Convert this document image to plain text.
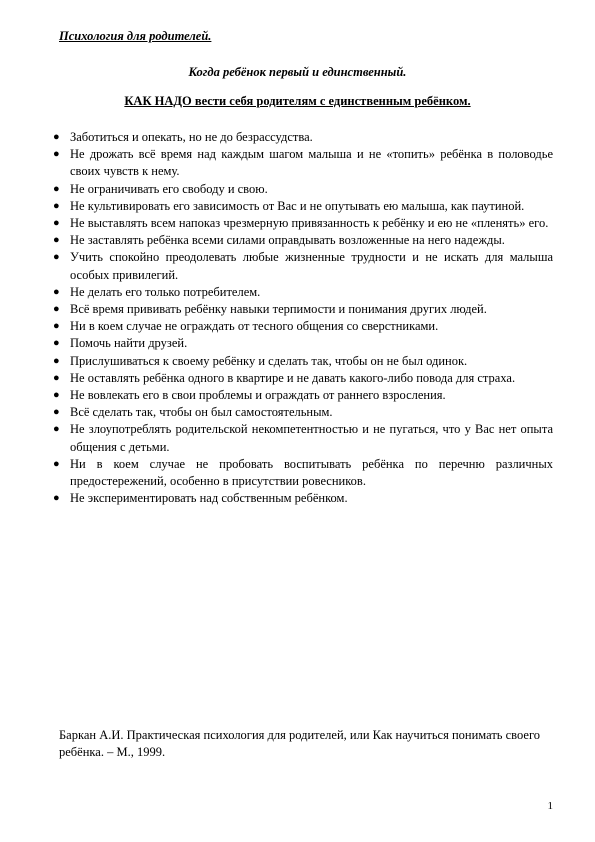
Психология для родителей.
Когда ребёнок первый и единственный.
КАК НАДО вести себя родителям с единственным ребёнком.
● Заботиться и опекать, но не до безрассудства.
● Не дрожать всё время над каждым шагом малыша и не «топить» ребёнка в половодье своих чувств к нему.
● Не ограничивать его свободу и свою.
● Не культивировать его зависимость от Вас и не опутывать ею малыша, как паутиной.
● Не выставлять всем напоказ чрезмерную привязанность к ребёнку и ею не «пленять» его.
● Не заставлять ребёнка всеми силами оправдывать возложенные на него надежды.
● Учить спокойно преодолевать любые жизненные трудности и не искать для малыша особых привилегий.
● Не делать его только потребителем.
● Всё время прививать ребёнку навыки терпимости и понимания других людей.
● Ни в коем случае не ограждать от тесного общения со сверстниками.
● Помочь найти друзей.
● Прислушиваться к своему ребёнку и сделать так, чтобы он не был одинок.
● Не оставлять ребёнка одного в квартире и не давать какого-либо повода для страха.
● Не вовлекать его в свои проблемы и ограждать от раннего взросления.
● Всё сделать так, чтобы он был самостоятельным.
● Не злоупотреблять родительской некомпетентностью и не пугаться, что у Вас нет опыта общения с детьми.
● Ни в коем случае не пробовать воспитывать ребёнка по перечню различных предостережений, особенно в присутствии ровесников.
● Не экспериментировать над собственным ребёнком.
Баркан А.И. Практическая психология для родителей, или Как научиться понимать своего ребёнка. – М., 1999.
1
